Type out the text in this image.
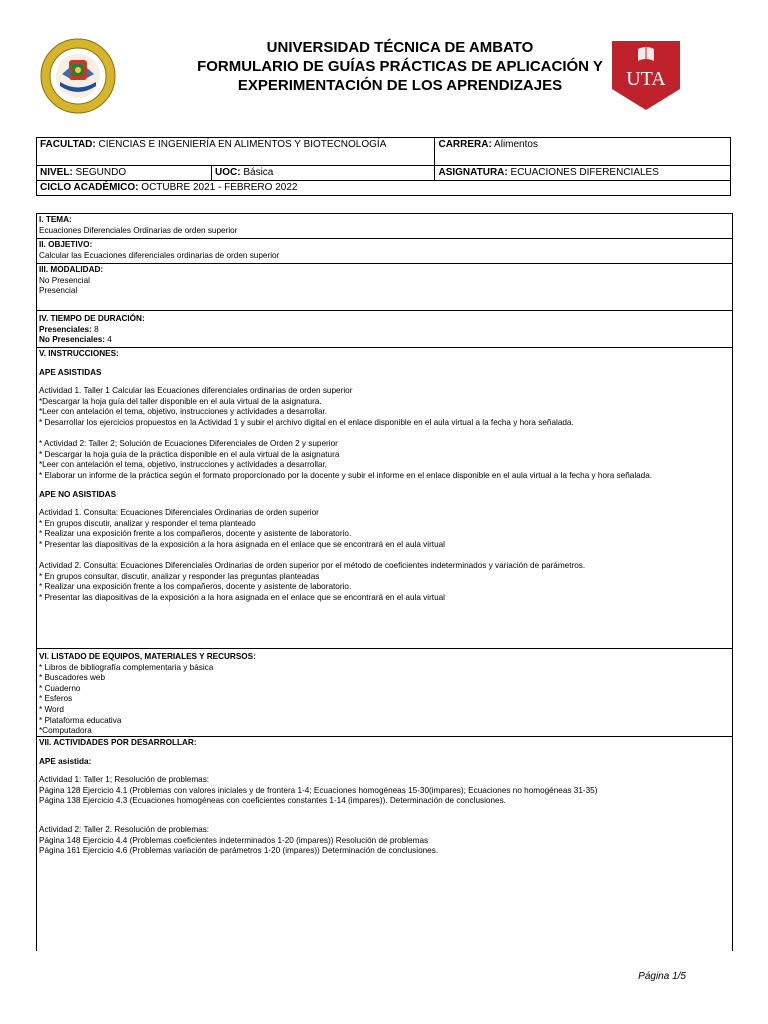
UTA
UNIVERSIDAD TÉCNICA DE AMBATO
FORMULARIO DE GUÍAS PRÁCTICAS DE APLICACIÓN Y
EXPERIMENTACIÓN DE LOS APRENDIZAJES
FACULTAD: CIENCIAS E INGENIERÍA EN ALIMENTOS Y BIOTECNOLOGÍA		CARRERA: Alimentos
NIVEL: SEGUNDO	UOC: Básica	ASIGNATURA: ECUACIONES DIFERENCIALES
CICLO ACADÉMICO: OCTUBRE 2021 - FEBRERO 2022		
I. TEMA:
Ecuaciones Diferenciales Ordinarias de orden superior
II. OBJETIVO:
Calcular las Ecuaciones diferenciales ordinarias de orden superior
III. MODALIDAD:
No Presencial
Presencial
IV. TIEMPO DE DURACIÓN:
Presenciales: 8
No Presenciales: 4
V. INSTRUCCIONES:
APE ASISTIDAS
Actividad 1. Taller 1 Calcular las Ecuaciones diferenciales ordinarias de orden superior
*Descargar la hoja guía del taller disponible en el aula virtual de la asignatura.
*Leer con antelación el tema, objetivo, instrucciones y actividades a desarrollar.
* Desarrollar los ejercicios propuestos en la Actividad 1 y subir el archivo digital en el enlace disponible en el aula virtual a la fecha y hora señalada.
* Actividad 2: Taller 2; Solución de Ecuaciones Diferenciales de Orden 2 y superior
* Descargar la hoja guía de la práctica disponible en el aula virtual de la asignatura
*Leer con antelación el tema, objetivo, instrucciones y actividades a desarrollar.
* Elaborar un informe de la práctica según el formato proporcionado por la docente y subir el informe en el enlace disponible en el aula virtual a la fecha y hora señalada.
APE NO ASISTIDAS
Actividad 1. Consulta: Ecuaciones Diferenciales Ordinarias de orden superior
* En grupos discutir, analizar y responder el tema planteado
* Realizar una exposición frente a los compañeros, docente y asistente de laboratorio.
* Presentar las diapositivas de la exposición a la hora asignada en el enlace que se encontrará en el aula virtual
Actividad 2. Consulta: Ecuaciones Diferenciales Ordinarias de orden superior por el método de coeficientes indeterminados y variación de parámetros.
* En grupos consultar, discutir, analizar y responder las preguntas planteadas
* Realizar una exposición frente a los compañeros, docente y asistente de laboratorio.
* Presentar las diapositivas de la exposición a la hora asignada en el enlace que se encontrará en el aula virtual
VI. LISTADO DE EQUIPOS, MATERIALES Y RECURSOS:
* Libros de bibliografía complementaria y básica
* Buscadores web
* Cuaderno
* Esferos
* Word
* Plataforma educativa
*Computadora
VII. ACTIVIDADES POR DESARROLLAR:
APE asistida:
Actividad 1: Taller 1; Resolución de problemas:
Página 128 Ejercicio 4.1 (Problemas con valores iniciales y de frontera 1-4; Ecuaciones homogéneas 15-30(impares); Ecuaciones no homogéneas 31-35)
Página 138 Ejercicio 4.3 (Ecuaciones homogéneas con coeficientes constantes 1-14 (impares)). Determinación de conclusiones.
Actividad 2: Taller 2. Resolución de problemas:
Página 148 Ejercicio 4.4 (Problemas coeficientes indeterminados 1-20 (impares)) Resolución de problemas
Página 161 Ejercicio 4.6 (Problemas variación de parámetros 1-20 (impares)) Determinación de conclusiones.
Página 1/5
